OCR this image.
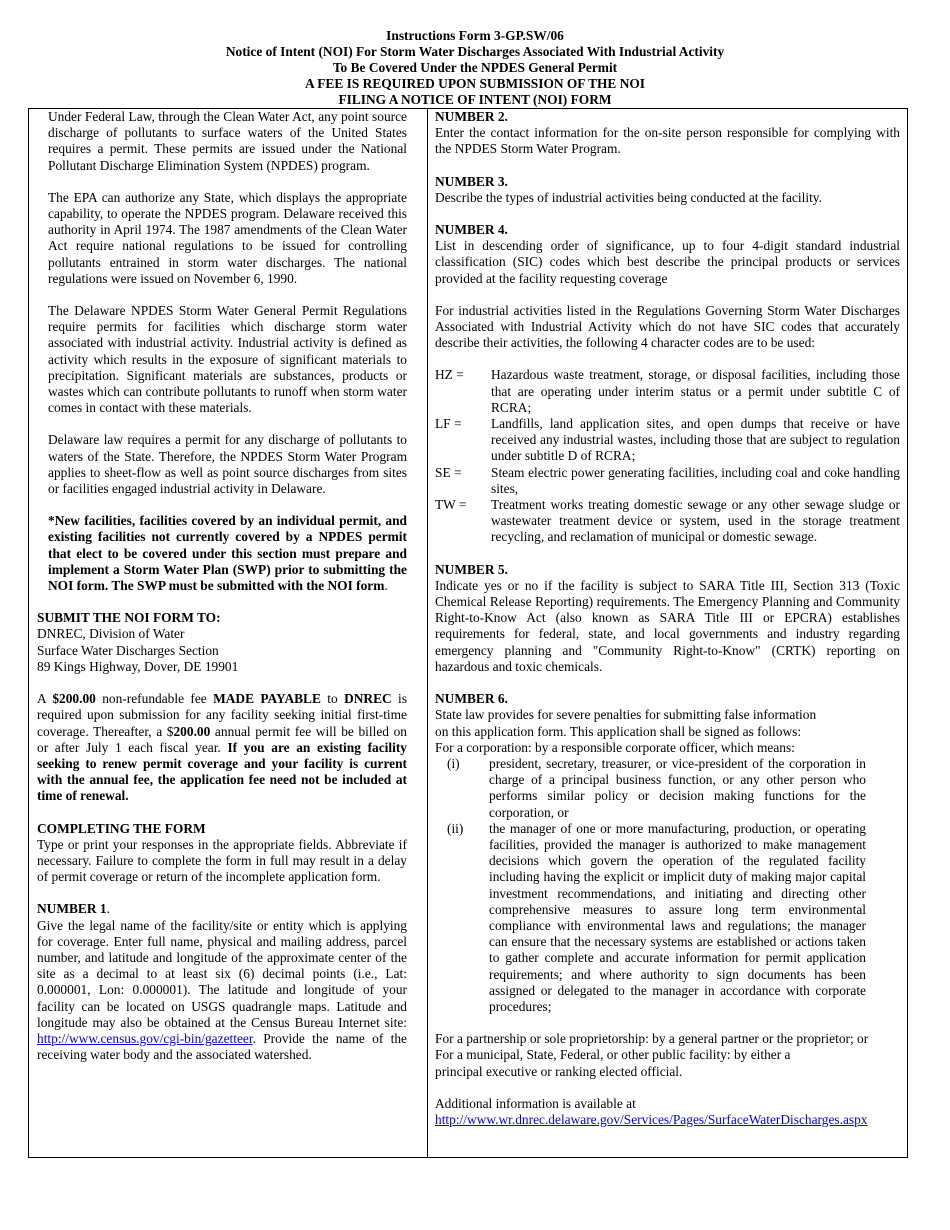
Instructions Form 3-GP.SW/06
Notice of Intent (NOI) For Storm Water Discharges Associated With Industrial Activity
To Be Covered Under the NPDES General Permit
A FEE IS REQUIRED UPON SUBMISSION OF THE NOI
FILING A NOTICE OF INTENT (NOI) FORM

Under Federal Law, through the Clean Water Act, any point source discharge of pollutants to surface waters of the United States requires a permit. These permits are issued under the National Pollutant Discharge Elimination System (NPDES) program.

The EPA can authorize any State, which displays the appropriate capability, to operate the NPDES program. Delaware received this authority in April 1974. The 1987 amendments of the Clean Water Act require national regulations to be issued for controlling pollutants entrained in storm water discharges. The national regulations were issued on November 6, 1990.

The Delaware NPDES Storm Water General Permit Regulations require permits for facilities which discharge storm water associated with industrial activity. Industrial activity is defined as activity which results in the exposure of significant materials to precipitation. Significant materials are substances, products or wastes which can contribute pollutants to runoff when storm water comes in contact with these materials.

Delaware law requires a permit for any discharge of pollutants to waters of the State. Therefore, the NPDES Storm Water Program applies to sheet-flow as well as point source discharges from sites or facilities engaged industrial activity in Delaware.

*New facilities, facilities covered by an individual permit, and existing facilities not currently covered by a NPDES permit that elect to be covered under this section must prepare and implement a Storm Water Plan (SWP) prior to submitting the NOI form. The SWP must be submitted with the NOI form.

SUBMIT THE NOI FORM TO:
DNREC, Division of Water
Surface Water Discharges Section
89 Kings Highway, Dover, DE 19901

A $200.00 non-refundable fee MADE PAYABLE to DNREC is required upon submission for any facility seeking initial first-time coverage. Thereafter, a $200.00 annual permit fee will be billed on or after July 1 each fiscal year. If you are an existing facility seeking to renew permit coverage and your facility is current with the annual fee, the application fee need not be included at time of renewal.

COMPLETING THE FORM

Type or print your responses in the appropriate fields. Abbreviate if necessary. Failure to complete the form in full may result in a delay of permit coverage or return of the incomplete application form.

NUMBER 1.

Give the legal name of the facility/site or entity which is applying for coverage. Enter full name, physical and mailing address, parcel number, and latitude and longitude of the approximate center of the site as a decimal to at least six (6) decimal points (i.e., Lat: 0.000001, Lon: 0.000001). The latitude and longitude of your facility can be located on USGS quadrangle maps. Latitude and longitude may also be obtained at the Census Bureau Internet site: http://www.census.gov/cgi-bin/gazetteer. Provide the name of the receiving water body and the associated watershed.

NUMBER 2.

Enter the contact information for the on-site person responsible for complying with the NPDES Storm Water Program.

NUMBER 3.

Describe the types of industrial activities being conducted at the facility.

NUMBER 4.

List in descending order of significance, up to four 4-digit standard industrial classification (SIC) codes which best describe the principal products or services provided at the facility requesting coverage

For industrial activities listed in the Regulations Governing Storm Water Discharges Associated with Industrial Activity which do not have SIC codes that accurately describe their activities, the following 4 character codes are to be used:

HZ =	Hazardous waste treatment, storage, or disposal facilities, including those that are operating under interim status or a permit under subtitle C of RCRA;
LF =	Landfills, land application sites, and open dumps that receive or have received any industrial wastes, including those that are subject to regulation under subtitle D of RCRA;
SE =	Steam electric power generating facilities, including coal and coke handling sites,
TW =	Treatment works treating domestic sewage or any other sewage sludge or wastewater treatment device or system, used in the storage treatment recycling, and reclamation of municipal or domestic sewage.
NUMBER 5.

Indicate yes or no if the facility is subject to SARA Title III, Section 313 (Toxic Chemical Release Reporting) requirements. The Emergency Planning and Community Right-to-Know Act (also known as SARA Title III or EPCRA) establishes requirements for federal, state, and local governments and industry regarding emergency planning and "Community Right-to-Know" (CRTK) reporting on hazardous and toxic chemicals.

NUMBER 6.
State law provides for severe penalties for submitting false information
on this application form. This application shall be signed as follows:
For a corporation: by a responsible corporate officer, which means:
(i)	president, secretary, treasurer, or vice-president of the corporation in charge of a principal business function, or any other person who performs similar policy or decision making functions for the corporation, or
(ii)	the manager of one or more manufacturing, production, or operating facilities, provided the manager is authorized to make management decisions which govern the operation of the regulated facility including having the explicit or implicit duty of making major capital investment recommendations, and initiating and directing other comprehensive measures to assure long term environmental compliance with environmental laws and regulations; the manager can ensure that the necessary systems are established or actions taken to gather complete and accurate information for permit application requirements; and where authority to sign documents has been assigned or delegated to the manager in accordance with corporate procedures;

For a partnership or sole proprietorship: by a general partner or the proprietor; or

For a municipal, State, Federal, or other public facility: by either a
principal executive or ranking elected official.
Additional information is available at
http://www.wr.dnrec.delaware.gov/Services/Pages/SurfaceWaterDischarges.aspx
